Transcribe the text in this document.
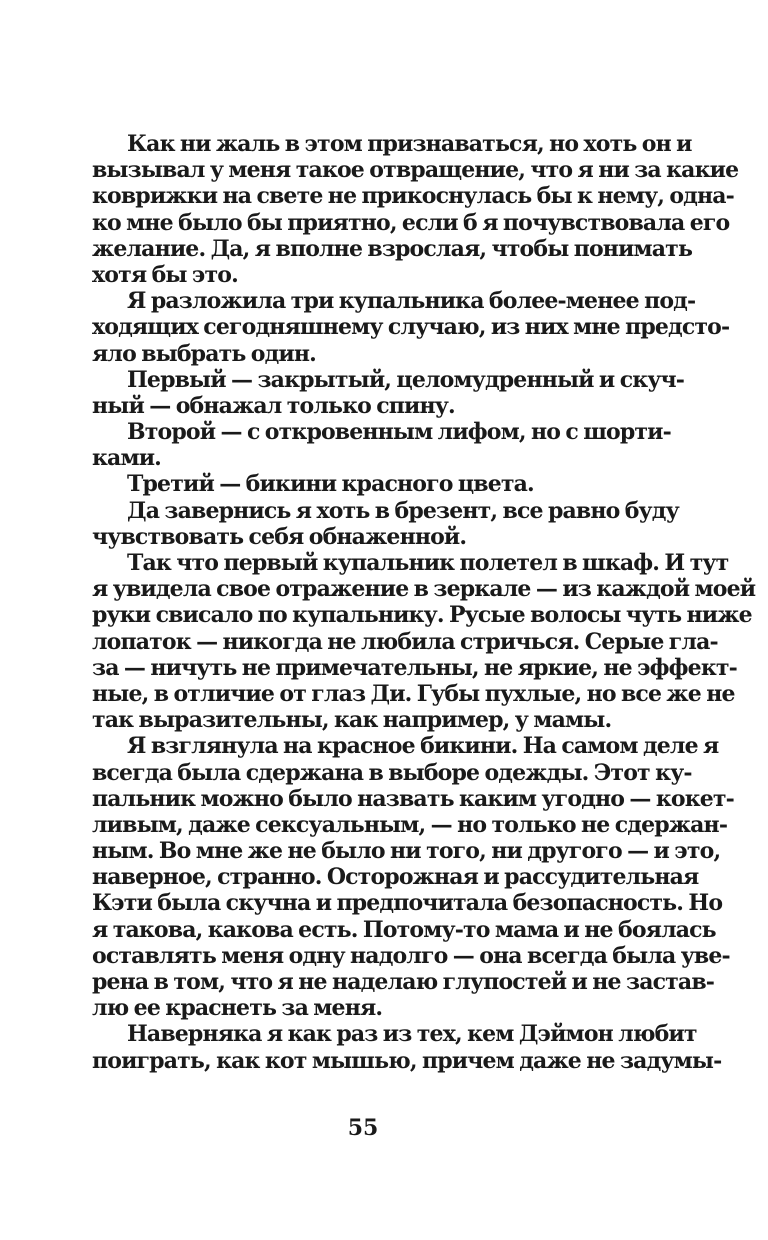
Как ни жаль в этом признаваться, но хоть он и
вызывал у меня такое отвращение, что я ни за какие
коврижки на свете не прикоснулась бы к нему, одна-
ко мне было бы приятно, если б я почувствовала его
желание. Да, я вполне взрослая, чтобы понимать
хотя бы это.
Я разложила три купальника более-менее под-
ходящих сегодняшнему случаю, из них мне предсто-
яло выбрать один.
Первый — закрытый, целомудренный и скуч-
ный — обнажал только спину.
Второй — с откровенным лифом, но с шорти-
ками.
Третий — бикини красного цвета.
Да завернись я хоть в брезент, все равно буду
чувствовать себя обнаженной.
Так что первый купальник полетел в шкаф. И тут
я увидела свое отражение в зеркале — из каждой моей
руки свисало по купальнику. Русые волосы чуть ниже
лопаток — никогда не любила стричься. Серые гла-
за — ничуть не примечательны, не яркие, не эффект-
ные, в отличие от глаз Ди. Губы пухлые, но все же не
так выразительны, как например, у мамы.
Я взглянула на красное бикини. На самом деле я
всегда была сдержана в выборе одежды. Этот ку-
пальник можно было назвать каким угодно — кокет-
ливым, даже сексуальным, — но только не сдержан-
ным. Во мне же не было ни того, ни другого — и это,
наверное, странно. Осторожная и рассудительная
Кэти была скучна и предпочитала безопасность. Но
я такова, какова есть. Потому-то мама и не боялась
оставлять меня одну надолго — она всегда была уве-
рена в том, что я не наделаю глупостей и не застав-
лю ее краснеть за меня.
Наверняка я как раз из тех, кем Дэймон любит
поиграть, как кот мышью, причем даже не задумы-
55
